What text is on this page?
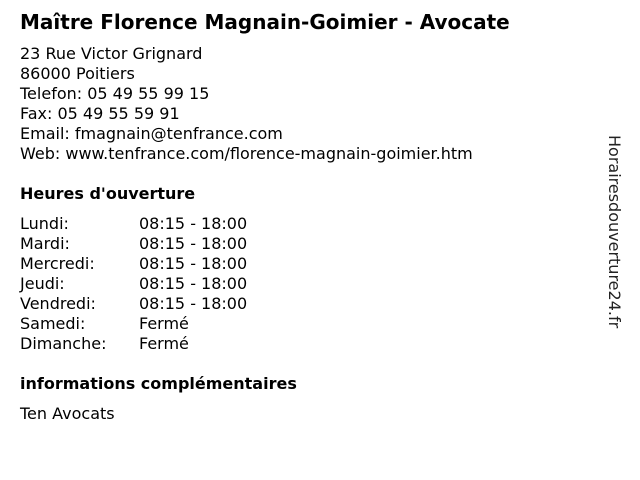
Maître Florence Magnain-Goimier - Avocate
23 Rue Victor Grignard
86000 Poitiers
Telefon: 05 49 55 99 15
Fax: 05 49 55 59 91
Email: fmagnain@tenfrance.com
Web: www.tenfrance.com/florence-magnain-goimier.htm
Heures d'ouverture
Lundi:	08:15 - 18:00
Mardi:	08:15 - 18:00
Mercredi:	08:15 - 18:00
Jeudi:	08:15 - 18:00
Vendredi:	08:15 - 18:00
Samedi:	Fermé
Dimanche: Fermé
informations complémentaires
Ten Avocats
Horairesdouverture24.fr
